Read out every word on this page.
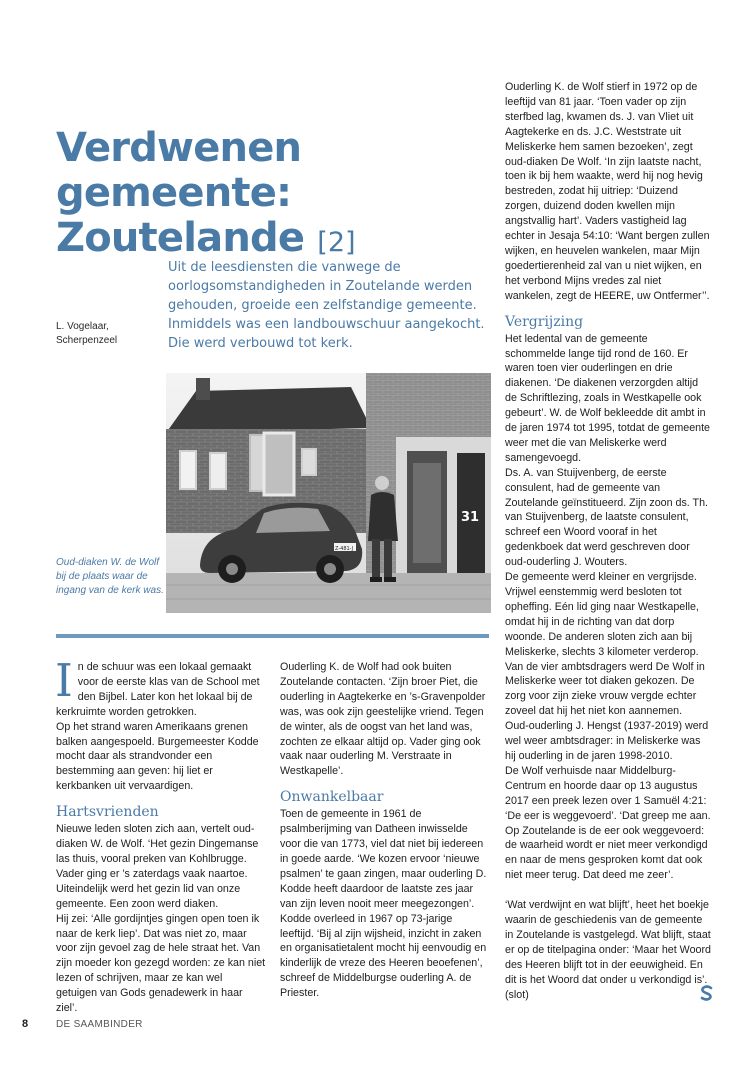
Verdwenen gemeente:
Zoutelande [2]

Uit de leesdiensten die vanwege de oorlogsomstandigheden in Zoutelande werden gehouden, groeide een zelfstandige gemeente. Inmiddels was een landbouwschuur aangekocht. Die werd verbouwd tot kerk.

L. Vogelaar,
Scherpenzeel
31
Z-481-J

Oud-diaken W. de Wolf bij de plaats waar de ingang van de kerk was.

In de schuur was een lokaal gemaakt voor de eerste klas van de School met den Bijbel. Later kon het lokaal bij de kerkruimte worden getrokken.

Op het strand waren Amerikaans grenen balken aangespoeld. Burgemeester Kodde mocht daar als strandvonder een bestemming aan geven: hij liet er kerkbanken uit vervaardigen.

Hartsvrienden

Nieuwe leden sloten zich aan, vertelt oud-diaken W. de Wolf. ‘Het gezin Dingemanse las thuis, vooral preken van Kohlbrugge. Vader ging er ’s zaterdags vaak naartoe. Uiteindelijk werd het gezin lid van onze gemeente. Een zoon werd diaken.

Hij zei: ‘Alle gordijntjes gingen open toen ik naar de kerk liep’. Dat was niet zo, maar voor zijn gevoel zag de hele straat het. Van zijn moeder kon gezegd worden: ze kan niet lezen of schrijven, maar ze kan wel getuigen van Gods genadewerk in haar ziel’.

Ouderling K. de Wolf had ook buiten Zoutelande contacten. ‘Zijn broer Piet, die ouderling in Aagtekerke en ’s-Gravenpolder was, was ook zijn geestelijke vriend. Tegen de winter, als de oogst van het land was, zochten ze elkaar altijd op. Vader ging ook vaak naar ouderling M. Verstraate in Westkapelle’.

Onwankelbaar

Toen de gemeente in 1961 de psalmberijming van Datheen inwisselde voor die van 1773, viel dat niet bij iedereen in goede aarde. ‘We kozen ervoor ‘nieuwe psalmen’ te gaan zingen, maar ouderling D. Kodde heeft daardoor de laatste zes jaar van zijn leven nooit meer meegezongen’.

Kodde overleed in 1967 op 73-jarige leeftijd. ‘Bij al zijn wijsheid, inzicht in zaken en organisatietalent mocht hij eenvoudig en kinderlijk de vreze des Heeren beoefenen’, schreef de Middelburgse ouderling A. de Priester.

Ouderling K. de Wolf stierf in 1972 op de leeftijd van 81 jaar. ‘Toen vader op zijn sterfbed lag, kwamen ds. J. van Vliet uit Aagtekerke en ds. J.C. Weststrate uit Meliskerke hem samen bezoeken’, zegt oud-diaken De Wolf. ‘In zijn laatste nacht, toen ik bij hem waakte, werd hij nog hevig bestreden, zodat hij uitriep: ‘Duizend zorgen, duizend doden kwellen mijn angstvallig hart’. Vaders vastigheid lag echter in Jesaja 54:10: ‘Want bergen zullen wijken, en heuvelen wankelen, maar Mijn goedertierenheid zal van u niet wijken, en het verbond Mijns vredes zal niet wankelen, zegt de HEERE, uw Ontfermer’’.

Vergrijzing

Het ledental van de gemeente schommelde lange tijd rond de 160. Er waren toen vier ouderlingen en drie diakenen. ‘De diakenen verzorgden altijd de Schriftlezing, zoals in Westkapelle ook gebeurt’. W. de Wolf bekleedde dit ambt in de jaren 1974 tot 1995, totdat de gemeente weer met die van Meliskerke werd samengevoegd.

Ds. A. van Stuijvenberg, de eerste consulent, had de gemeente van Zoutelande geïnstitueerd. Zijn zoon ds. Th. van Stuijvenberg, de laatste consulent, schreef een Woord vooraf in het gedenkboek dat werd geschreven door oud-ouderling J. Wouters.

De gemeente werd kleiner en vergrijsde. Vrijwel eenstemmig werd besloten tot opheffing. Eén lid ging naar Westkapelle, omdat hij in de richting van dat dorp woonde. De anderen sloten zich aan bij Meliskerke, slechts 3 kilometer verderop.

Van de vier ambtsdragers werd De Wolf in Meliskerke weer tot diaken gekozen. De zorg voor zijn zieke vrouw vergde echter zoveel dat hij het niet kon aannemen.

Oud-ouderling J. Hengst (1937-2019) werd wel weer ambtsdrager: in Meliskerke was hij ouderling in de jaren 1998-2010.

De Wolf verhuisde naar Middelburg-Centrum en hoorde daar op 13 augustus 2017 een preek lezen over 1 Samuël 4:21: ‘De eer is weggevoerd’. ‘Dat greep me aan. Op Zoutelande is de eer ook weggevoerd: de waarheid wordt er niet meer verkondigd en naar de mens gesproken komt dat ook niet meer terug. Dat deed me zeer’.

‘Wat verdwijnt en wat blijft’, heet het boekje waarin de geschiedenis van de gemeente in Zoutelande is vastgelegd. Wat blijft, staat er op de titelpagina onder: ‘Maar het Woord des Heeren blijft tot in der eeuwigheid. En dit is het Woord dat onder u verkondigd is’.

(slot)
8	DE SAAMBINDER
